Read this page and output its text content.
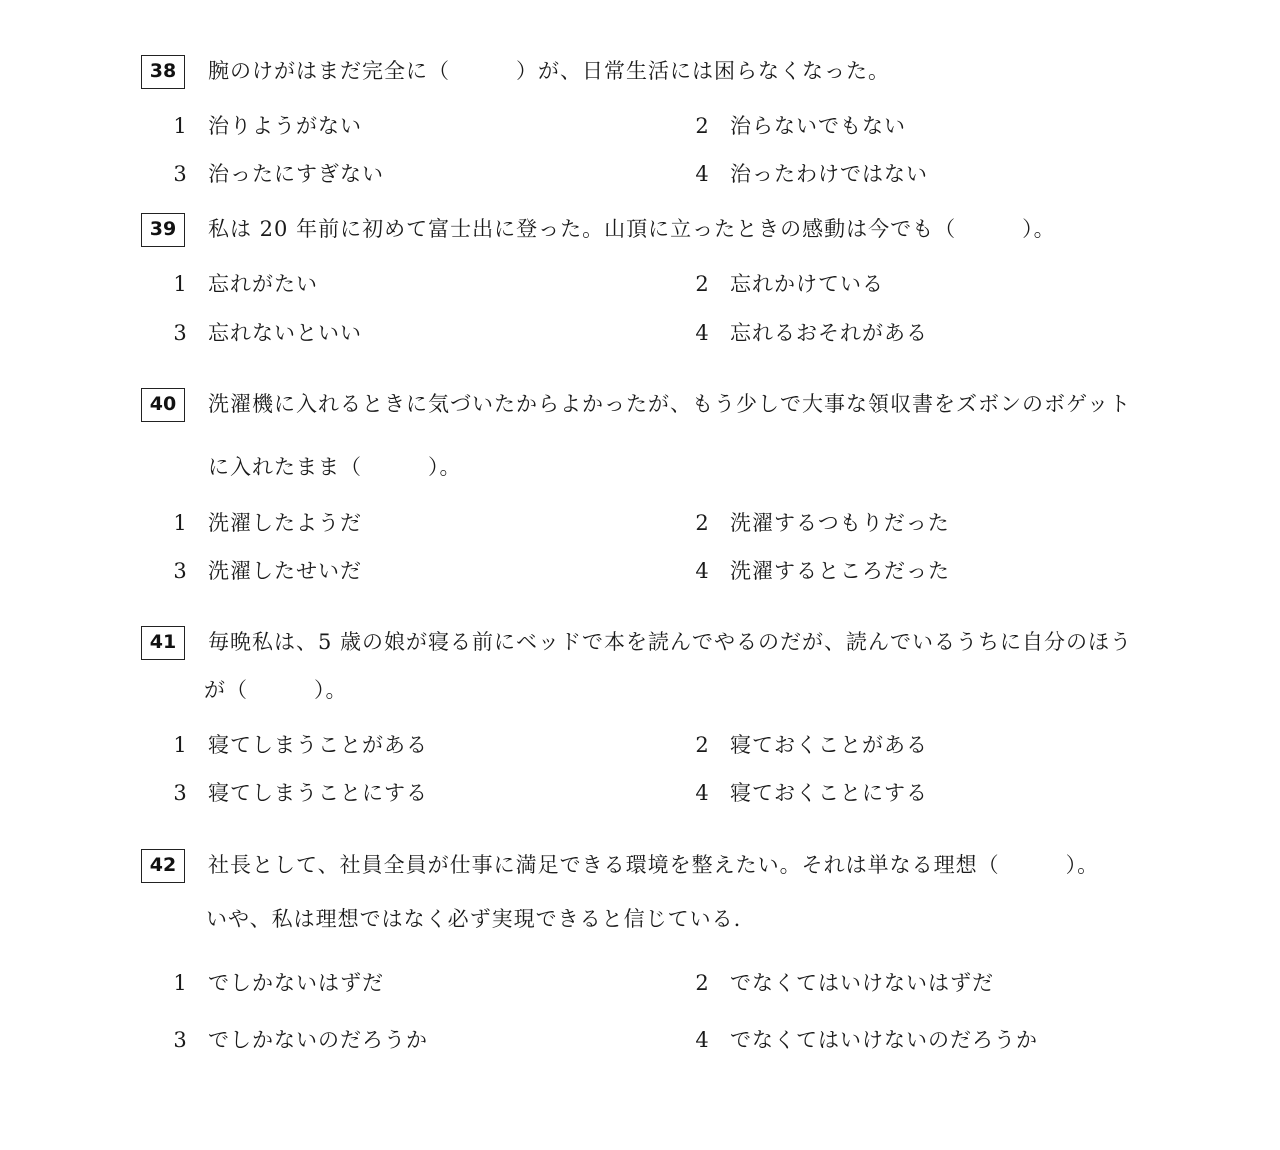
38	腕のけがはまだ完全に（　　　）が、日常生活には困らなくなった。
1 治りようがない	2 治らないでもない
3 治ったにすぎない	4 治ったわけではない
39	私は 20 年前に初めて富士出に登った。山頂に立ったときの感動は今でも（　　　）。
1 忘れがたい	2 忘れかけている
3 忘れないといい	4 忘れるおそれがある
40	洗濯機に入れるときに気づいたからよかったが、もう少しで大事な領収書をズボンのボゲット
に入れたまま（　　　）。
1 洗濯したようだ	2 洗濯するつもりだった
3 洗濯したせいだ	4 洗濯するところだった
41	毎晩私は、5 歳の娘が寝る前にベッドで本を読んでやるのだが、読んでいるうちに自分のほう
が（　　　）。
1 寝てしまうことがある	2 寝ておくことがある
3 寝てしまうことにする	4 寝ておくことにする
42	社長として、社員全員が仕事に満足できる環境を整えたい。それは単なる理想（　　　）。
いや、私は理想ではなく必ず実現できると信じている.
1 でしかないはずだ	2 でなくてはいけないはずだ
3 でしかないのだろうか	4 でなくてはいけないのだろうか
